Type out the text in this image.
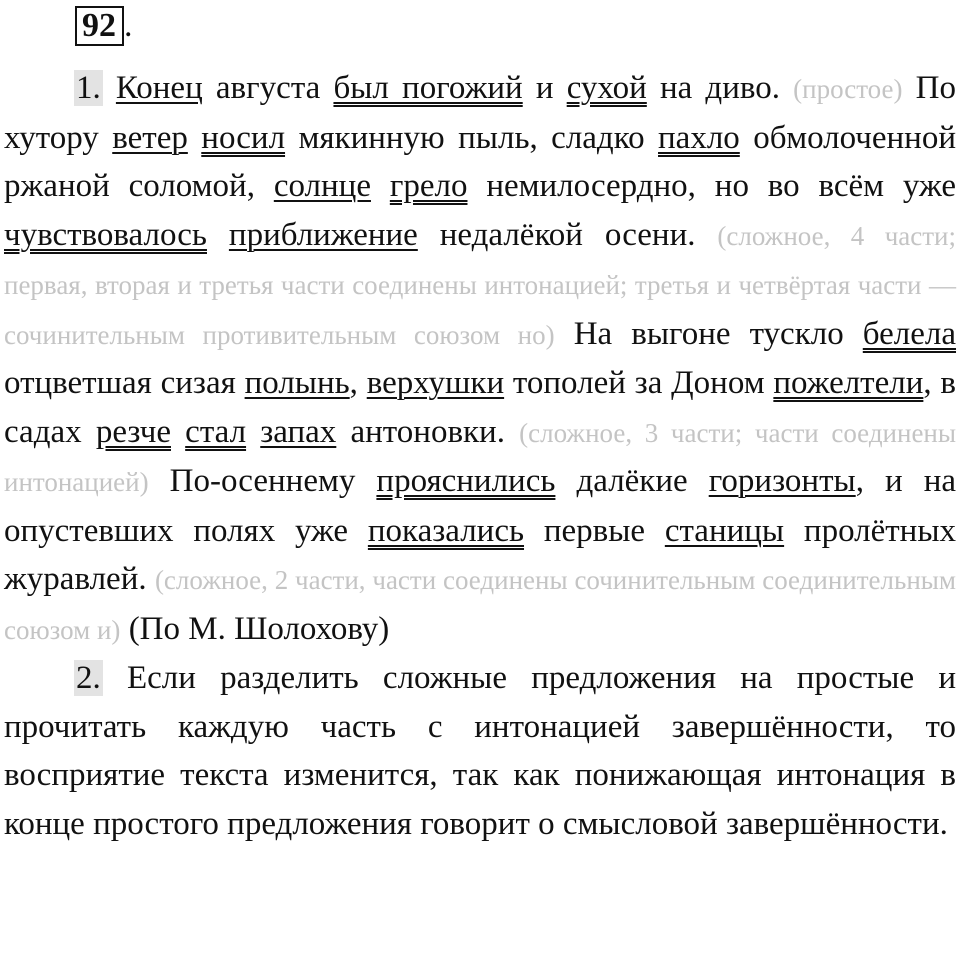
92 .

1. Конец августа был погожий и сухой на диво. (простое) По хутору ветер носил мякинную пыль, сладко пахло обмолоченной ржаной соломой, солнце грело немилосердно, но во всём уже чувствовалось приближение недалёкой осени. (сложное, 4 части; первая, вторая и третья части соединены интонацией; третья и четвёртая части — сочинительным противительным союзом но) На выгоне тускло белела отцветшая сизая полынь, верхушки тополей за Доном пожелтели, в садах резче стал запах антоновки. (сложное, 3 части; части соединены интонацией) По-осеннему прояснились далёкие горизонты, и на опустевших полях уже показались первые станицы пролётных журавлей. (сложное, 2 части, части соединены сочинительным соединительным союзом и) (По М. Шолохову)

2. Если разделить сложные предложения на простые и прочитать каждую часть с интонацией завершённости, то восприятие текста изменится, так как понижающая интонация в конце простого предложения говорит о смысловой завершённости.
